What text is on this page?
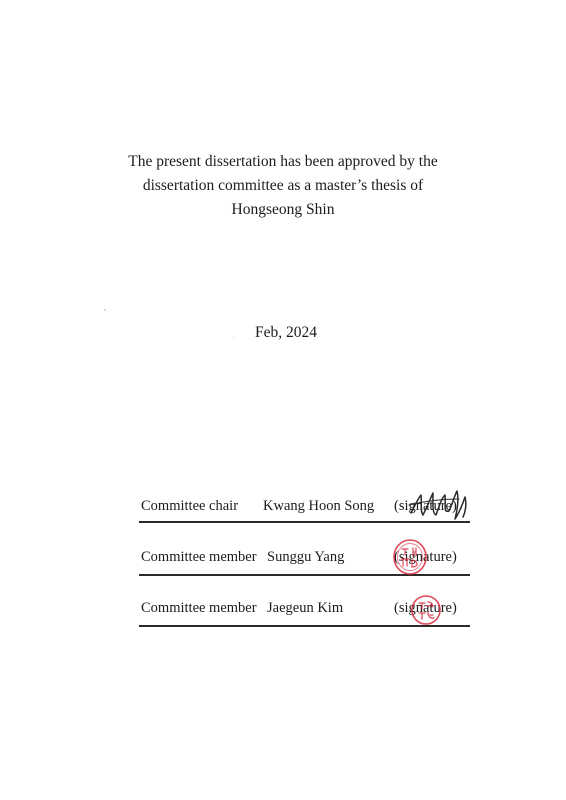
The present dissertation has been approved by the
dissertation committee as a master’s thesis of
Hongseong Shin
Feb, 2024
Committee chair Kwang Hoon Song (signature)
Committee member Sunggu Yang	(signature)
Committee member Jaegeun Kim	(signature)
